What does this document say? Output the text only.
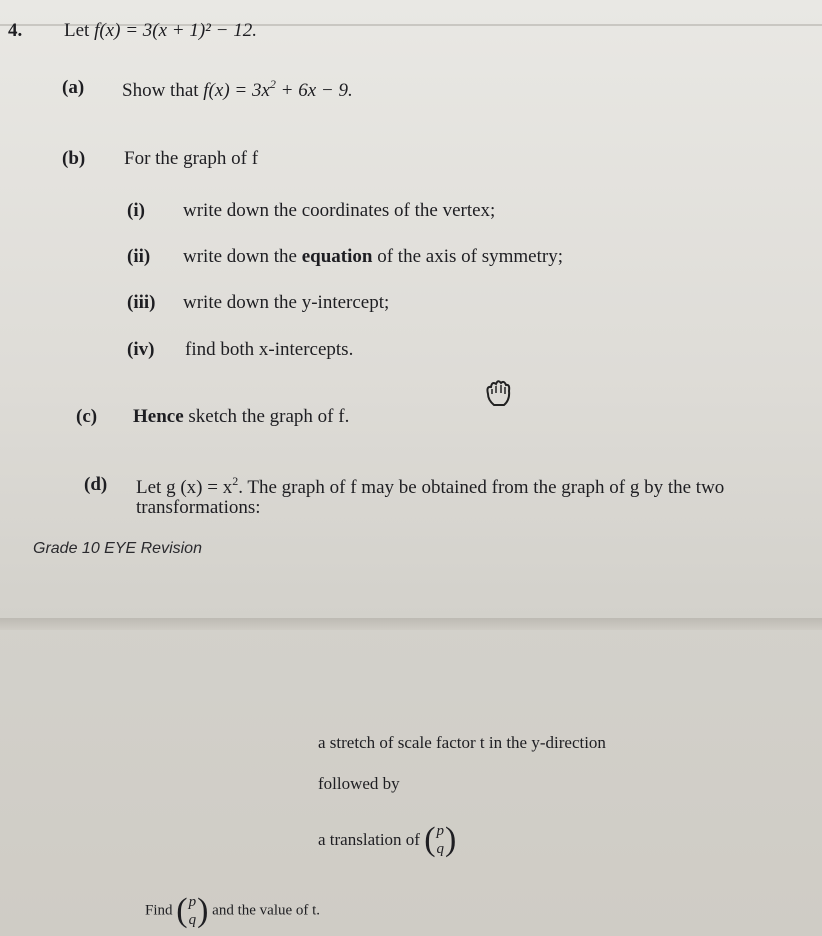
4. Let f(x) = 3(x + 1)² − 12.
(a) Show that $f(x) = 3x^2 + 6x - 9$.
(b) For the graph of f
(i) write down the coordinates of the vertex;
(ii) write down the equation of the axis of symmetry;
(iii) write down the y-intercept;
(iv) find both x-intercepts.
(c) Hence sketch the graph of f.
(d) Let g $(x) = x^2$. The graph of f may be obtained from the graph of g by the two
transformations:
Grade 10 EYE Revision
a stretch of scale factor t in the y-direction
followed by
a translation of ( p
q )
Find ( p
q ) and the value of t.
